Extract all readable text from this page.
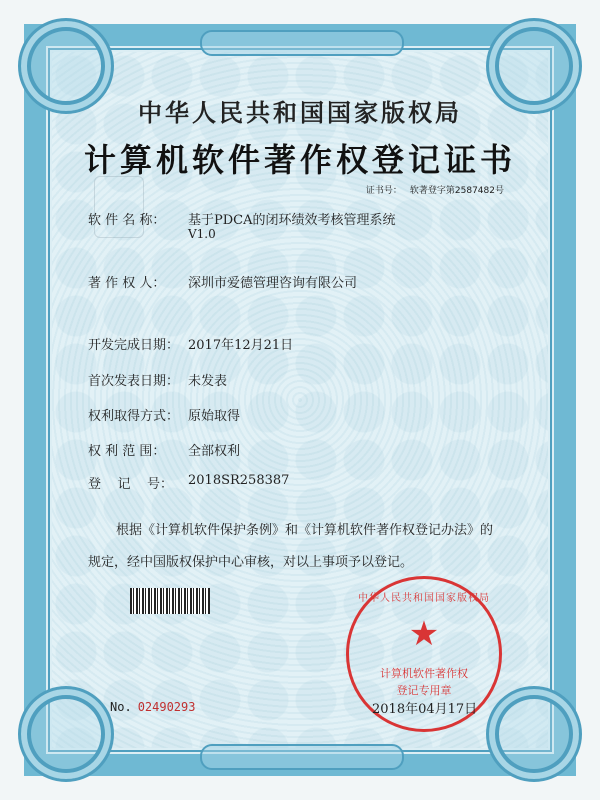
中华人民共和国国家版权局
计算机软件著作权登记证书
证书号： 软著登字第2587482号
软 件 名 称： 基于PDCA的闭环绩效考核管理系统
V1.0
著 作 权 人： 深圳市爱德管理咨询有限公司
开发完成日期： 2017年12月21日
首次发表日期： 未发表
权利取得方式： 原始取得
权 利 范 围： 全部权利
登    记    号： 2018SR258387
根据《计算机软件保护条例》和《计算机软件著作权登记办法》的
规定，经中国版权保护中心审核，对以上事项予以登记。
中华人民共和国国家版权局
★
计算机软件著作权
登记专用章
No. 02490293	2018年04月17日
